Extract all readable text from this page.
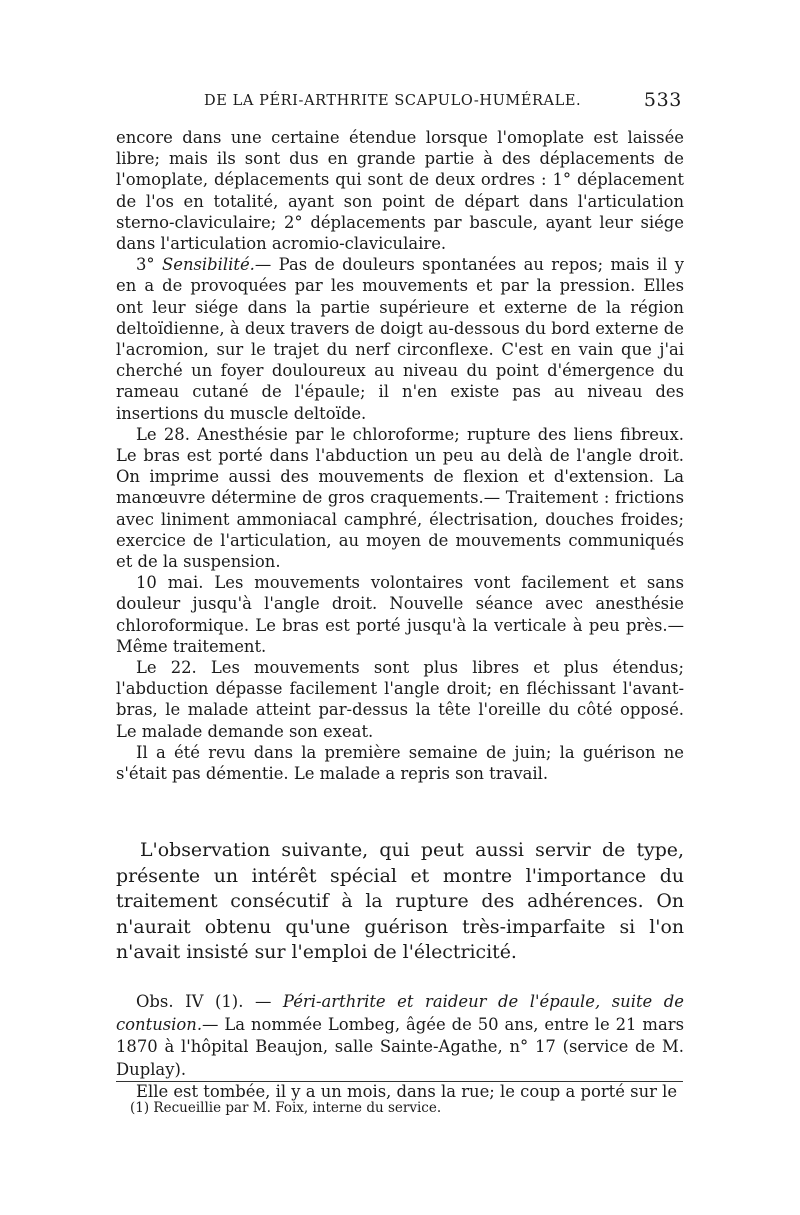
DE LA PÉRI-ARTHRITE SCAPULO-HUMÉRALE.	533

encore dans une certaine étendue lorsque l'omoplate est laissée libre; mais ils sont dus en grande partie à des déplacements de l'omoplate, déplacements qui sont de deux ordres : 1° déplacement de l'os en totalité, ayant son point de départ dans l'articulation sterno-claviculaire; 2° déplacements par bascule, ayant leur siége dans l'articulation acromio-claviculaire.

3° Sensibilité.— Pas de douleurs spontanées au repos; mais il y en a de provoquées par les mouvements et par la pression. Elles ont leur siége dans la partie supérieure et externe de la région deltoïdienne, à deux travers de doigt au-dessous du bord externe de l'acromion, sur le trajet du nerf circonflexe. C'est en vain que j'ai cherché un foyer douloureux au niveau du point d'émergence du rameau cutané de l'épaule; il n'en existe pas au niveau des insertions du muscle deltoïde.

Le 28. Anesthésie par le chloroforme; rupture des liens fibreux. Le bras est porté dans l'abduction un peu au delà de l'angle droit. On imprime aussi des mouvements de flexion et d'extension. La manœuvre détermine de gros craquements.— Traitement : frictions avec liniment ammoniacal camphré, électrisation, douches froides; exercice de l'articulation, au moyen de mouvements communiqués et de la suspension.

10 mai. Les mouvements volontaires vont facilement et sans douleur jusqu'à l'angle droit. Nouvelle séance avec anesthésie chloroformique. Le bras est porté jusqu'à la verticale à peu près.— Même traitement.

Le 22. Les mouvements sont plus libres et plus étendus; l'abduction dépasse facilement l'angle droit; en fléchissant l'avant-bras, le malade atteint par-dessus la tête l'oreille du côté opposé. Le malade demande son exeat.

Il a été revu dans la première semaine de juin; la guérison ne s'était pas démentie. Le malade a repris son travail.

L'observation suivante, qui peut aussi servir de type, présente un intérêt spécial et montre l'importance du traitement consécutif à la rupture des adhérences. On n'aurait obtenu qu'une guérison très-imparfaite si l'on n'avait insisté sur l'emploi de l'électricité.

Obs. IV (1). — Péri-arthrite et raideur de l'épaule, suite de contusion.— La nommée Lombeg, âgée de 50 ans, entre le 21 mars 1870 à l'hôpital Beaujon, salle Sainte-Agathe, n° 17 (service de M. Duplay).

Elle est tombée, il y a un mois, dans la rue; le coup a porté sur le

(1) Recueillie par M. Foix, interne du service.
